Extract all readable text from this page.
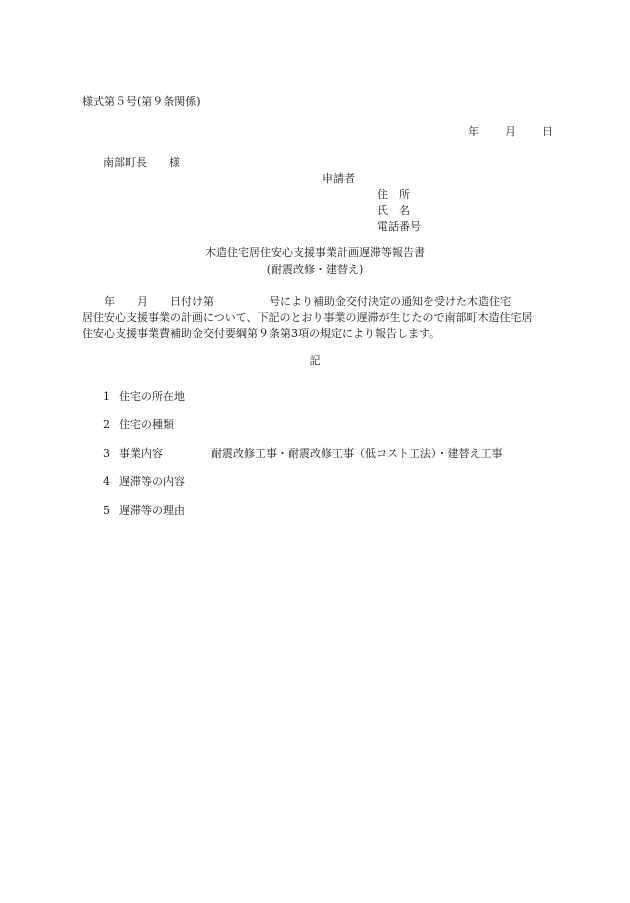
様式第５号(第９条関係)
年 月 日
南部町長 様
申請者
住　所
氏　名
電話番号
木造住宅居住安心支援事業計画遅滞等報告書
(耐震改修・建替え)
　　年　　月　　日付け第　　　　　号により補助金交付決定の通知を受けた木造住宅
居住安心支援事業の計画について、下記のとおり事業の遅滞が生じたので南部町木造住宅居
住安心支援事業費補助金交付要綱第９条第3項の規定により報告します。
記
1 住宅の所在地
2 住宅の種類
3 事業内容	耐震改修工事・耐震改修工事（低コスト工法）・建替え工事
4 遅滞等の内容
5 遅滞等の理由
